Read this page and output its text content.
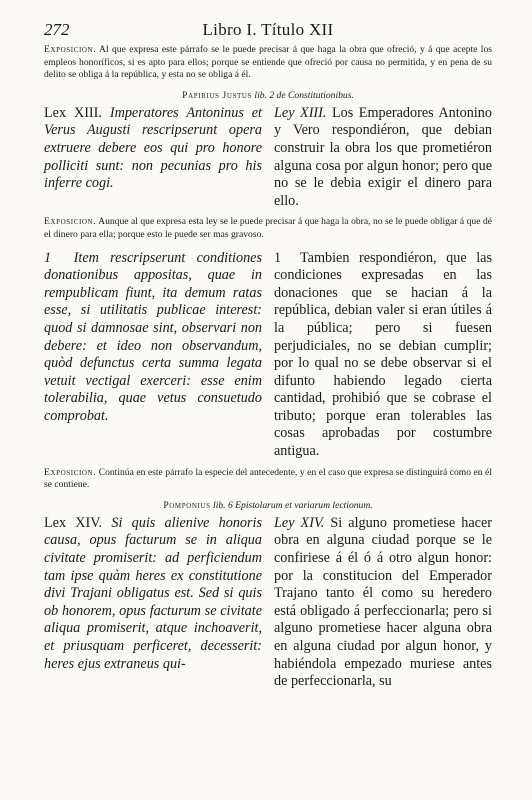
272	Libro I. Título XII

Exposicion. Al que expresa este párrafo se le puede precisar á que haga la obra que ofreció, y á que acepte los empleos honoríficos, si es apto para ellos; porque se entiende que ofreció por causa no permitida, y en pena de su delito se obliga á la república, y esta no se obliga á él.

Papirius Justus lib. 2 de Constitutionibus.
Lex XIII. Imperatores Antoninus et Verus Augusti rescripserunt opera extruere debere eos qui pro honore polliciti sunt: non pecunias pro his inferre cogi.
Ley XIII. Los Emperadores Antonino y Vero respondiéron, que debian construir la obra los que prometiéron alguna cosa por algun honor; pero que no se le debia exigir el dinero para ello.

Exposicion. Aunque al que expresa esta ley se le puede precisar á que haga la obra, no se le puede obligar á que dé el dinero para ella; porque esto le puede ser mas gravoso.

1 Item rescripserunt conditiones donationibus appositas, quae in rempublicam fiunt, ita demum ratas esse, si utilitatis publicae interest: quod si damnosae sint, observari non debere: et ideo non observandum, quòd defunctus certa summa legata vetuit vectigal exerceri: esse enim tolerabilia, quae vetus consuetudo comprobat.
1 Tambien respondiéron, que las condiciones expresadas en las donaciones que se hacian á la república, debian valer si eran útiles á la pública; pero si fuesen perjudiciales, no se debian cumplir; por lo qual no se debe observar si el difunto habiendo legado cierta cantidad, prohibió que se cobrase el tributo; porque eran tolerables las cosas aprobadas por costumbre antigua.

Exposicion. Continúa en este párrafo la especie del antecedente, y en el caso que expresa se distinguirá como en él se contiene.

Pomponius lib. 6 Epistolarum et variarum lectionum.
Lex XIV. Si quis alienive honoris causa, opus facturum se in aliqua civitate promiserit: ad perficiendum tam ipse quàm heres ex constitutione divi Trajani obligatus est. Sed si quis ob honorem, opus facturum se civitate aliqua promiserit, atque inchoaverit, et priusquam perficeret, decesserit: heres ejus extraneus qui-
Ley XIV. Si alguno prometiese hacer obra en alguna ciudad porque se le confiriese á él ó á otro algun honor: por la constitucion del Emperador Trajano tanto él como su heredero está obligado á perfeccionarla; pero si alguno prometiese hacer alguna obra en alguna ciudad por algun honor, y habiéndola empezado muriese antes de perfeccionarla, su
